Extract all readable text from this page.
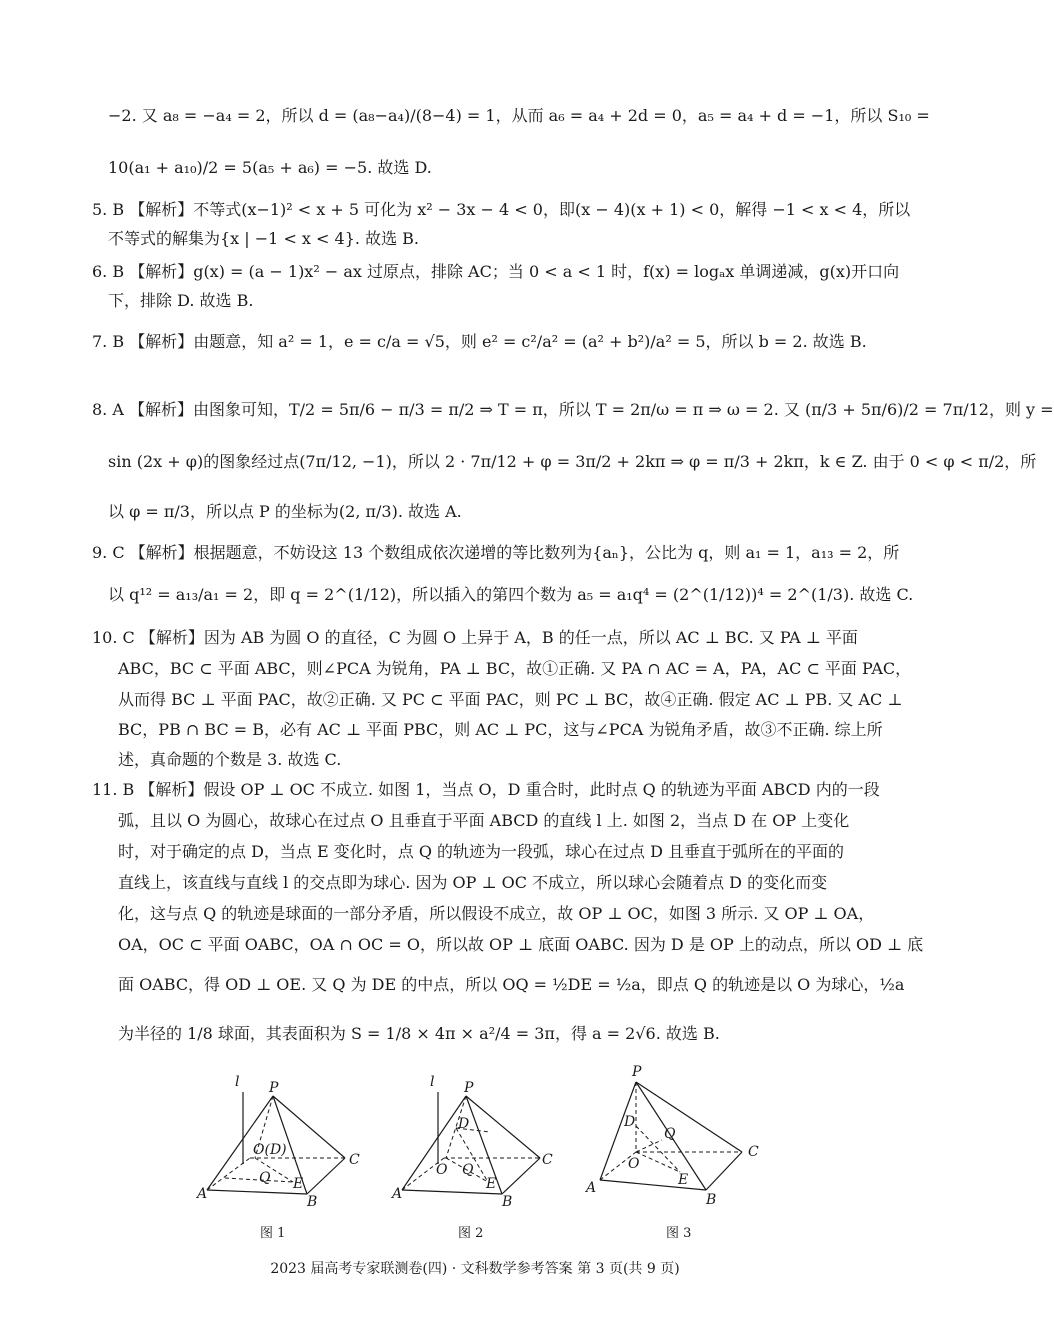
−2. 又 a₈ = −a₄ = 2，所以 d = (a₈−a₄)/(8−4) = 1，从而 a₆ = a₄ + 2d = 0，a₅ = a₄ + d = −1，所以 S₁₀ =
10(a₁ + a₁₀)/2 = 5(a₅ + a₆) = −5. 故选 D.
5. B 【解析】不等式(x−1)² < x + 5 可化为 x² − 3x − 4 < 0，即(x − 4)(x + 1) < 0，解得 −1 < x < 4，所以
不等式的解集为{x | −1 < x < 4}. 故选 B.
6. B 【解析】g(x) = (a − 1)x² − ax 过原点，排除 AC；当 0 < a < 1 时，f(x) = logₐx 单调递减，g(x)开口向
下，排除 D. 故选 B.
7. B 【解析】由题意，知 a² = 1，e = c/a = √5，则 e² = c²/a² = (a² + b²)/a² = 5，所以 b = 2. 故选 B.
8. A 【解析】由图象可知，T/2 = 5π/6 − π/3 = π/2 ⇒ T = π，所以 T = 2π/ω = π ⇒ ω = 2. 又 (π/3 + 5π/6)/2 = 7π/12，则 y =
sin (2x + φ)的图象经过点(7π/12, −1)，所以 2 · 7π/12 + φ = 3π/2 + 2kπ ⇒ φ = π/3 + 2kπ，k ∈ Z. 由于 0 < φ < π/2，所
以 φ = π/3，所以点 P 的坐标为(2, π/3). 故选 A.
9. C 【解析】根据题意，不妨设这 13 个数组成依次递增的等比数列为{aₙ}，公比为 q，则 a₁ = 1，a₁₃ = 2，所
以 q¹² = a₁₃/a₁ = 2，即 q = 2^(1/12)，所以插入的第四个数为 a₅ = a₁q⁴ = (2^(1/12))⁴ = 2^(1/3). 故选 C.
10. C 【解析】因为 AB 为圆 O 的直径，C 为圆 O 上异于 A，B 的任一点，所以 AC ⊥ BC. 又 PA ⊥ 平面
ABC，BC ⊂ 平面 ABC，则∠PCA 为锐角，PA ⊥ BC，故①正确. 又 PA ∩ AC = A，PA，AC ⊂ 平面 PAC，
从而得 BC ⊥ 平面 PAC，故②正确. 又 PC ⊂ 平面 PAC，则 PC ⊥ BC，故④正确. 假定 AC ⊥ PB. 又 AC ⊥
BC，PB ∩ BC = B，必有 AC ⊥ 平面 PBC，则 AC ⊥ PC，这与∠PCA 为锐角矛盾，故③不正确. 综上所
述，真命题的个数是 3. 故选 C.
11. B 【解析】假设 OP ⊥ OC 不成立. 如图 1，当点 O，D 重合时，此时点 Q 的轨迹为平面 ABCD 内的一段
弧，且以 O 为圆心，故球心在过点 O 且垂直于平面 ABCD 的直线 l 上. 如图 2，当点 D 在 OP 上变化
时，对于确定的点 D，当点 E 变化时，点 Q 的轨迹为一段弧，球心在过点 D 且垂直于弧所在的平面的
直线上，该直线与直线 l 的交点即为球心. 因为 OP ⊥ OC 不成立，所以球心会随着点 D 的变化而变
化，这与点 Q 的轨迹是球面的一部分矛盾，所以假设不成立，故 OP ⊥ OC，如图 3 所示. 又 OP ⊥ OA，
OA，OC ⊂ 平面 OABC，OA ∩ OC = O，所以故 OP ⊥ 底面 OABC. 因为 D 是 OP 上的动点，所以 OD ⊥ 底
面 OABC，得 OD ⊥ OE. 又 Q 为 DE 的中点，所以 OQ = ½DE = ½a，即点 Q 的轨迹是以 O 为球心，½a
为半径的 1/8 球面，其表面积为 S = 1/8 × 4π × a²/4 = 3π，得 a = 2√6. 故选 B.
l P
O(D)
C
Q
A
E
B
图 1
l P
D
O Q
C
A
E
B
图 2
P
D
Q
O
C
E
A
B
图 3
2023 届高考专家联测卷(四) · 文科数学参考答案 第 3 页(共 9 页)
